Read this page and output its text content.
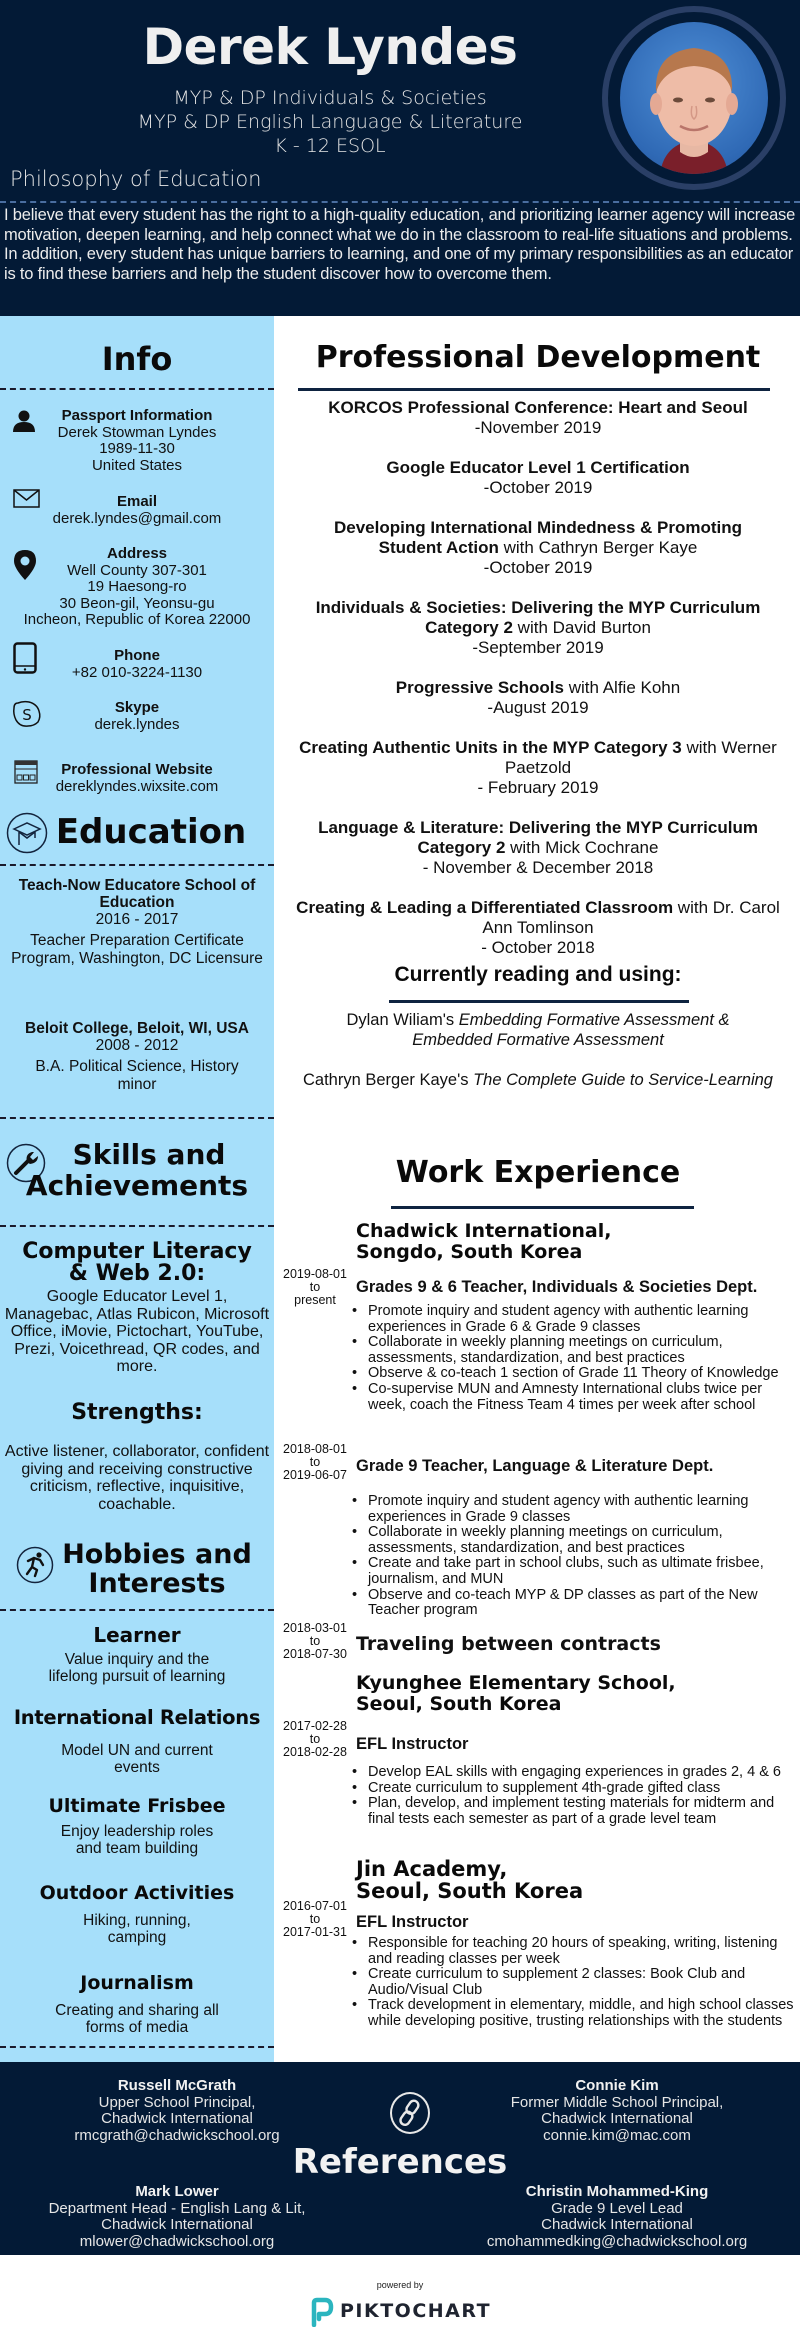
Derek Lyndes
MYP & DP Individuals & Societies
MYP & DP English Language & Literature
K - 12 ESOL
Philosophy of Education
I believe that every student has the right to a high-quality education, and prioritizing learner agency will increase motivation, deepen learning, and help connect what we do in the classroom to real-life situations and problems. In addition, every student has unique barriers to learning, and one of my primary responsibilities as an educator is to find these barriers and help the student discover how to overcome them.
Info
Passport Information
Derek Stowman Lyndes
1989-11-30
United States
Email
derek.lyndes@gmail.com
Address
Well County 307-301
19 Haesong-ro
30 Beon-gil, Yeonsu-gu
Incheon, Republic of Korea 22000
Phone
+82 010-3224-1130
S	Skype
derek.lyndes
Professional Website
dereklyndes.wixsite.com
Education
Teach-Now Educatore School of Education
2016 - 2017
Teacher Preparation Certificate Program, Washington, DC Licensure
Beloit College, Beloit, WI, USA
2008 - 2012
B.A. Political Science, History minor
Skills and
Achievements
Computer Literacy
& Web 2.0:
Google Educator Level 1, Managebac, Atlas Rubicon, Microsoft Office, iMovie, Pictochart, YouTube, Prezi, Voicethread, QR codes, and more.
Strengths:
Active listener, collaborator, confident giving and receiving constructive criticism, reflective, inquisitive, coachable.
Hobbies and
Interests
Learner
Value inquiry and the lifelong pursuit of learning
International Relations
Model UN and current events
Ultimate Frisbee
Enjoy leadership roles and team building
Outdoor Activities
Hiking, running, camping
Journalism
Creating and sharing all forms of media
Professional Development
KORCOS Professional Conference: Heart and Seoul
-November 2019
Google Educator Level 1 Certification
-October 2019
Developing International Mindedness & Promoting Student Action with Cathryn Berger Kaye
-October 2019
Individuals & Societies: Delivering the MYP Curriculum Category 2 with David Burton
-September 2019
Progressive Schools with Alfie Kohn
-August 2019
Creating Authentic Units in the MYP Category 3 with Werner Paetzold
- February 2019
Language & Literature: Delivering the MYP Curriculum Category 2 with Mick Cochrane
- November & December 2018
Creating & Leading a Differentiated Classroom with Dr. Carol Ann Tomlinson
- October 2018
Currently reading and using:
Dylan Wiliam's Embedding Formative Assessment & Embedded Formative Assessment
Cathryn Berger Kaye's The Complete Guide to Service-Learning
Work Experience
Chadwick International,
Songdo, South Korea
2019-08-01
to
present
Grades 9 & 6 Teacher, Individuals & Societies Dept.
• Promote inquiry and student agency with authentic learning experiences in Grade 6 & Grade 9 classes
• Collaborate in weekly planning meetings on curriculum, assessments, standardization, and best practices
• Observe & co-teach 1 section of Grade 11 Theory of Knowledge
• Co-supervise MUN and Amnesty International clubs twice per week, coach the Fitness Team 4 times per week after school
2018-08-01
to
2019-06-07 Grade 9 Teacher, Language & Literature Dept.
• Promote inquiry and student agency with authentic learning experiences in Grade 9 classes
• Collaborate in weekly planning meetings on curriculum, assessments, standardization, and best practices
• Create and take part in school clubs, such as ultimate frisbee, journalism, and MUN
• Observe and co-teach MYP & DP classes as part of the New Teacher program
2018-03-01
to
2018-07-30 Traveling between contracts
Kyunghee Elementary School,
Seoul, South Korea
2017-02-28
to
2018-02-28 EFL Instructor
• Develop EAL skills with engaging experiences in grades 2, 4 & 6
• Create curriculum to supplement 4th-grade gifted class
• Plan, develop, and implement testing materials for midterm and final tests each semester as part of a grade level team
Jin Academy,
Seoul, South Korea
2016-07-01
to
2017-01-31
EFL Instructor
• Responsible for teaching 20 hours of speaking, writing, listening and reading classes per week
• Create curriculum to supplement 2 classes: Book Club and Audio/Visual Club
• Track development in elementary, middle, and high school classes while developing positive, trusting relationships with the students
Russell McGrath
Upper School Principal,
Chadwick International
rmcgrath@chadwickschool.org
Connie Kim
Former Middle School Principal,
Chadwick International
connie.kim@mac.com
References
Mark Lower
Department Head - English Lang & Lit,
Chadwick International
mlower@chadwickschool.org
Christin Mohammed-King
Grade 9 Level Lead
Chadwick International
cmohammedking@chadwickschool.org
powered by
PIKTOCHART
